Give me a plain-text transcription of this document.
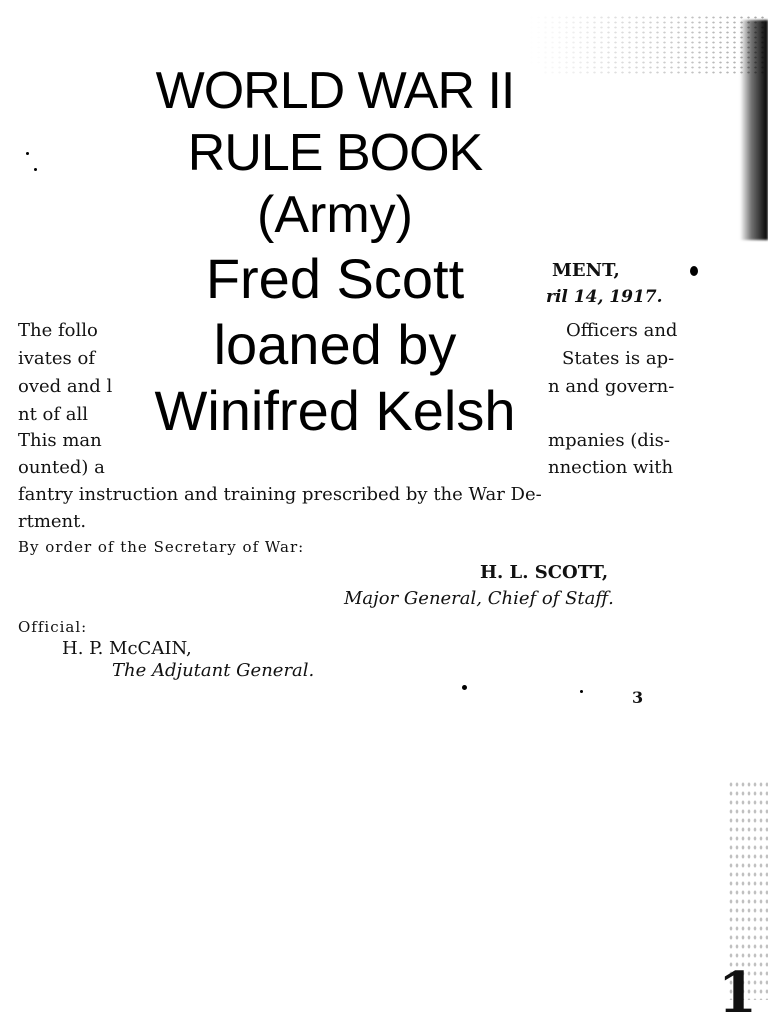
MENT,
ril 14, 1917.
The follo
ivates of
oved and l
nt of all
This man
ounted) a
Officers and
States is ap-
n and govern-
mpanies (dis-
nnection with
fantry instruction and training prescribed by the War De-
rtment.
By order of the Secretary of War:
H. L. SCOTT,
Major General, Chief of Staff.
Official:
H. P. McCAIN,
The Adjutant General.
3
1
WORLD WAR II
RULE BOOK
(Army)
Fred Scott
loaned by
Winifred Kelsh
